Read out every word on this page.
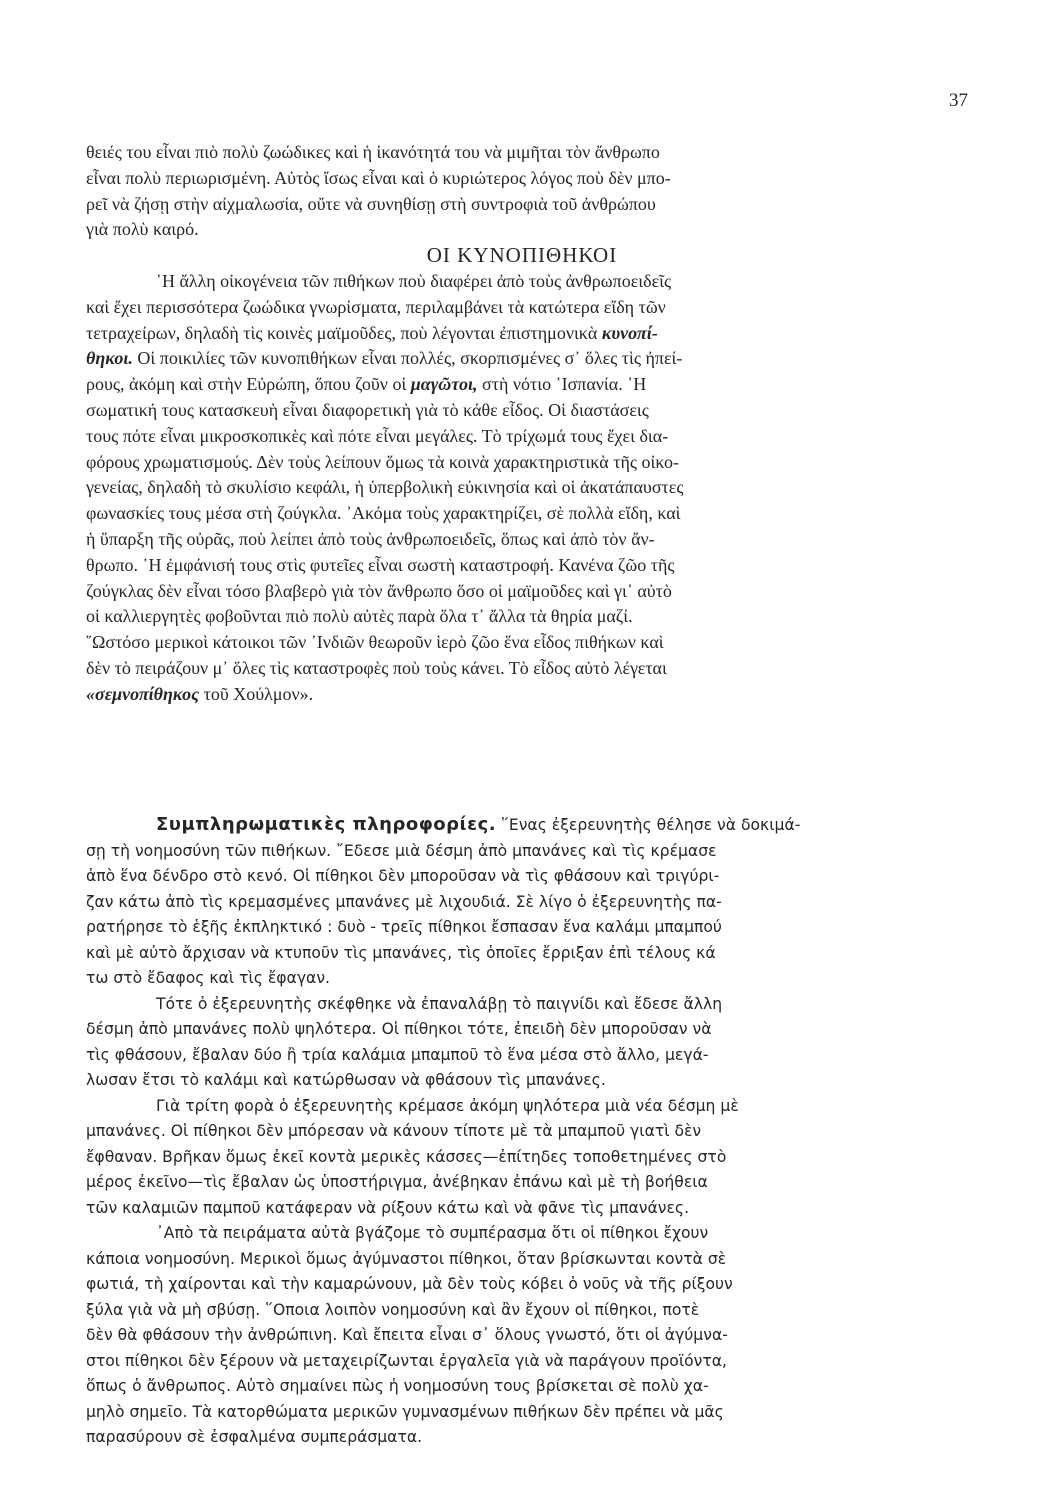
37

θειές του εἶναι πιὸ πολὺ ζωώδικες καὶ ἡ ἱκανότητά του νὰ μιμῆται τὸν ἄνθρωπο

εἶναι πολὺ περιωρισμένη. Αὐτὸς ἴσως εἶναι καὶ ὁ κυριώτερος λόγος ποὺ δὲν μπο-

ρεῖ νὰ ζήσῃ στὴν αἰχμαλωσία, οὔτε νὰ συνηθίσῃ στὴ συντροφιὰ τοῦ ἀνθρώπου

γιὰ πολὺ καιρό.

ΟΙ ΚΥΝΟΠΙΘΗΚΟΙ

῾Η ἄλλη οἰκογένεια τῶν πιθήκων ποὺ διαφέρει ἀπὸ τοὺς ἀνθρωποειδεῖς

καὶ ἔχει περισσότερα ζωώδικα γνωρίσματα, περιλαμβάνει τὰ κατώτερα εἴδη τῶν

τετραχείρων, δηλαδὴ τὶς κοινὲς μαϊμοῦδες, ποὺ λέγονται ἐπιστημονικὰ κυνοπί-

θηκοι. Οἱ ποικιλίες τῶν κυνοπιθήκων εἶναι πολλές, σκορπισμένες σ᾽ ὅλες τὶς ἠπεί-

ρους, ἀκόμη καὶ στὴν Εὐρώπη, ὅπου ζοῦν οἱ μαγῶτοι, στὴ νότιο ῾Ισπανία. ῾Η

σωματική τους κατασκευὴ εἶναι διαφορετικὴ γιὰ τὸ κάθε εἶδος. Οἱ διαστάσεις

τους πότε εἶναι μικροσκοπικὲς καὶ πότε εἶναι μεγάλες. Τὸ τρίχωμά τους ἔχει δια-

φόρους χρωματισμούς. Δὲν τοὺς λείπουν ὅμως τὰ κοινὰ χαρακτηριστικὰ τῆς οἰκο-

γενείας, δηλαδὴ τὸ σκυλίσιο κεφάλι, ἡ ὑπερβολικὴ εὐκινησία καὶ οἱ ἀκατάπαυστες

φωνασκίες τους μέσα στὴ ζούγκλα. ᾽Ακόμα τοὺς χαρακτηρίζει, σὲ πολλὰ εἴδη, καὶ

ἡ ὕπαρξη τῆς οὐρᾶς, ποὺ λείπει ἀπὸ τοὺς ἀνθρωποειδεῖς, ὅπως καὶ ἀπὸ τὸν ἄν-

θρωπο. ῾Η ἐμφάνισή τους στὶς φυτεῖες εἶναι σωστὴ καταστροφή. Κανένα ζῶο τῆς

ζούγκλας δὲν εἶναι τόσο βλαβερὸ γιὰ τὸν ἄνθρωπο ὅσο οἱ μαϊμοῦδες καὶ γι᾽ αὐτὸ

οἱ καλλιεργητὲς φοβοῦνται πιὸ πολὺ αὐτὲς παρὰ ὅλα τ᾽ ἄλλα τὰ θηρία μαζί.

῞Ωστόσο μερικοὶ κάτοικοι τῶν ᾽Ινδιῶν θεωροῦν ἱερὸ ζῶο ἕνα εἶδος πιθήκων καὶ

δὲν τὸ πειράζουν μ᾽ ὅλες τὶς καταστροφὲς ποὺ τοὺς κάνει. Τὸ εἶδος αὐτὸ λέγεται

«σεμνοπίθηκος τοῦ Χούλμον».

Συμπληρωματικὲς πληροφορίες. ῞Ενας ἐξερευνητὴς θέλησε νὰ δοκιμά-

σῃ τὴ νοημοσύνη τῶν πιθήκων. ῎Εδεσε μιὰ δέσμη ἀπὸ μπανάνες καὶ τὶς κρέμασε

ἀπὸ ἕνα δένδρο στὸ κενό. Οἱ πίθηκοι δὲν μποροῦσαν νὰ τὶς φθάσουν καὶ τριγύρι-

ζαν κάτω ἀπὸ τὶς κρεμασμένες μπανάνες μὲ λιχουδιά. Σὲ λίγο ὁ ἐξερευνητὴς πα-

ρατήρησε τὸ ἑξῆς ἐκπληκτικό : δυὸ - τρεῖς πίθηκοι ἔσπασαν ἕνα καλάμι μπαμπού

καὶ μὲ αὐτὸ ἄρχισαν νὰ κτυποῦν τὶς μπανάνες, τὶς ὁποῖες ἔρριξαν ἐπὶ τέλους κά

τω στὸ ἔδαφος καὶ τὶς ἔφαγαν.

Τότε ὁ ἐξερευνητὴς σκέφθηκε νὰ ἐπαναλάβῃ τὸ παιγνίδι καὶ ἔδεσε ἄλλη

δέσμη ἀπὸ μπανάνες πολὺ ψηλότερα. Οἱ πίθηκοι τότε, ἐπειδὴ δὲν μποροῦσαν νὰ

τὶς φθάσουν, ἔβαλαν δύο ἢ τρία καλάμια μπαμποῦ τὸ ἕνα μέσα στὸ ἄλλο, μεγά-

λωσαν ἔτσι τὸ καλάμι καὶ κατώρθωσαν νὰ φθάσουν τὶς μπανάνες.

Γιὰ τρίτη φορὰ ὁ ἐξερευνητὴς κρέμασε ἀκόμη ψηλότερα μιὰ νέα δέσμη μὲ

μπανάνες. Οἱ πίθηκοι δὲν μπόρεσαν νὰ κάνουν τίποτε μὲ τὰ μπαμποῦ γιατὶ δὲν

ἔφθαναν. Βρῆκαν ὅμως ἐκεῖ κοντὰ μερικὲς κάσσες—ἐπίτηδες τοποθετημένες στὸ

μέρος ἐκεῖνο—τὶς ἔβαλαν ὡς ὑποστήριγμα, ἀνέβηκαν ἐπάνω καὶ μὲ τὴ βοήθεια

τῶν καλαμιῶν παμποῦ κατάφεραν νὰ ρίξουν κάτω καὶ νὰ φᾶνε τὶς μπανάνες.

᾽Απὸ τὰ πειράματα αὐτὰ βγάζομε τὸ συμπέρασμα ὅτι οἱ πίθηκοι ἔχουν

κάποια νοημοσύνη. Μερικοὶ ὅμως ἀγύμναστοι πίθηκοι, ὅταν βρίσκωνται κοντὰ σὲ

φωτιά, τὴ χαίρονται καὶ τὴν καμαρώνουν, μὰ δὲν τοὺς κόβει ὁ νοῦς νὰ τῆς ρίξουν

ξύλα γιὰ νὰ μὴ σβύσῃ. ῞Οποια λοιπὸν νοημοσύνη καὶ ἂν ἔχουν οἱ πίθηκοι, ποτὲ

δὲν θὰ φθάσουν τὴν ἀνθρώπινη. Καὶ ἔπειτα εἶναι σ᾽ ὅλους γνωστό, ὅτι οἱ ἀγύμνα-

στοι πίθηκοι δὲν ξέρουν νὰ μεταχειρίζωνται ἐργαλεῖα γιὰ νὰ παράγουν προϊόντα,

ὅπως ὁ ἄνθρωπος. Αὐτὸ σημαίνει πὼς ἡ νοημοσύνη τους βρίσκεται σὲ πολὺ χα-

μηλὸ σημεῖο. Τὰ κατορθώματα μερικῶν γυμνασμένων πιθήκων δὲν πρέπει νὰ μᾶς

παρασύρουν σὲ ἐσφαλμένα συμπεράσματα.
